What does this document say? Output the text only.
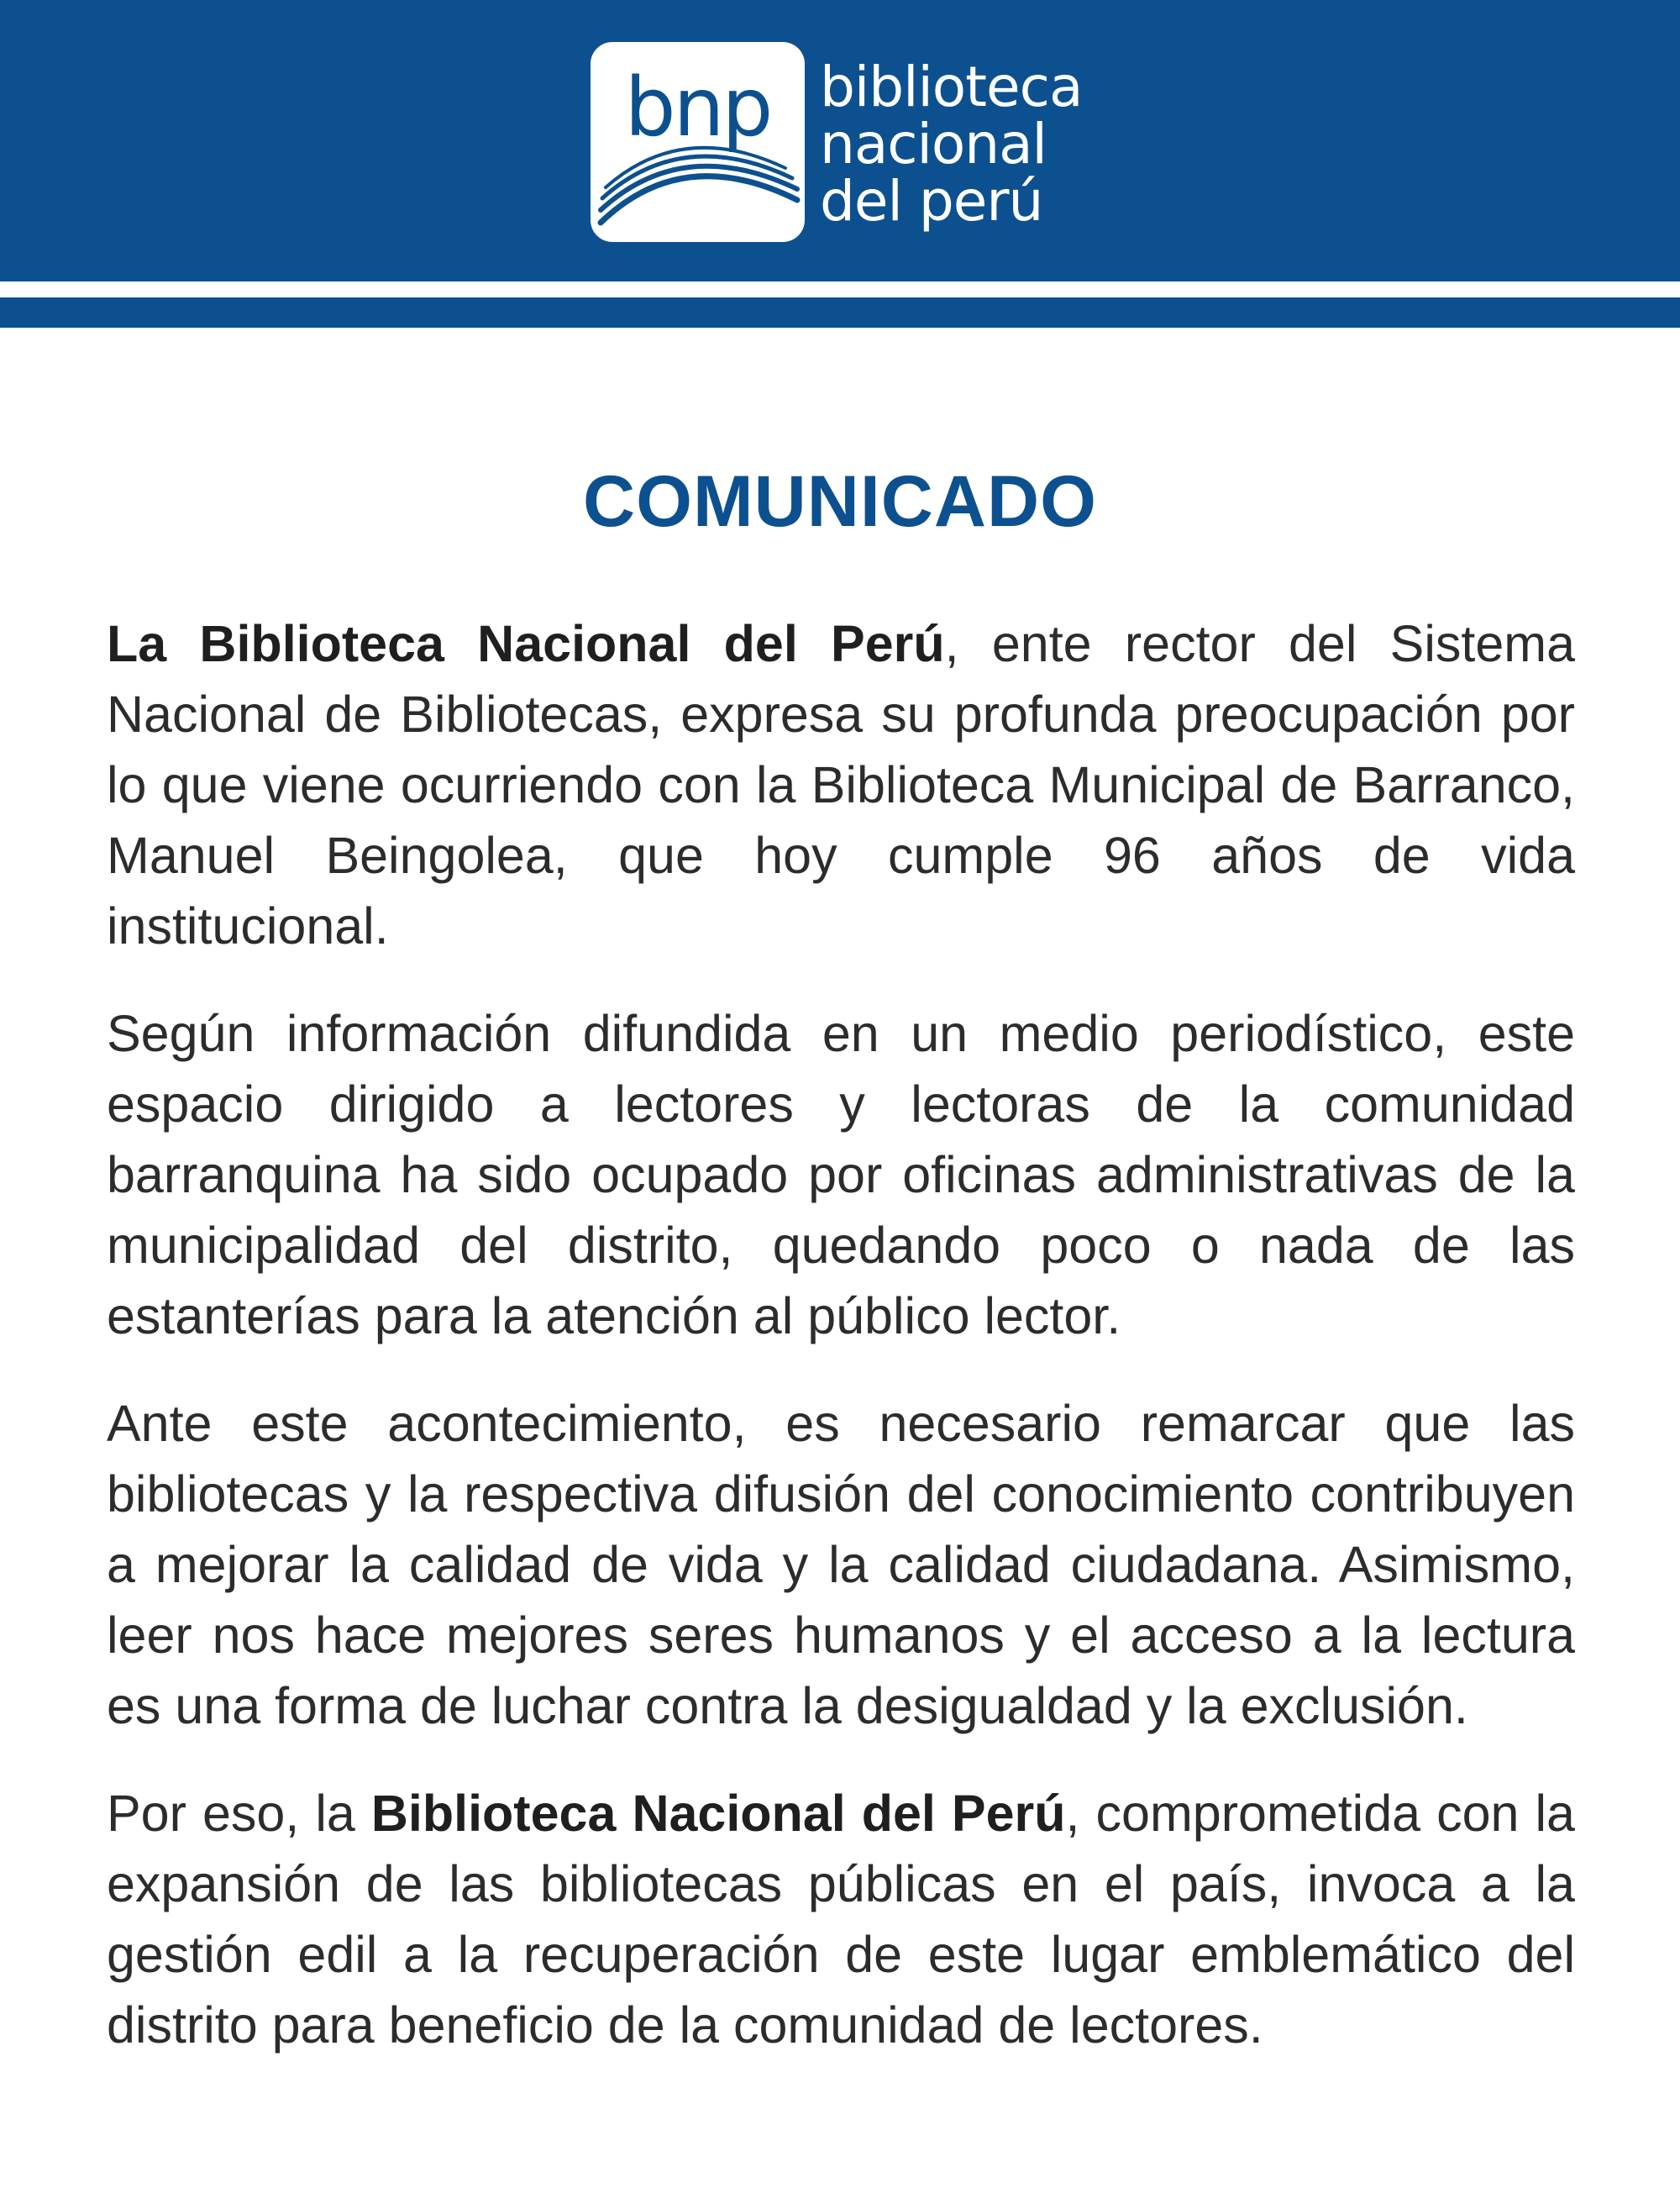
bnp biblioteca
nacional
del perú
COMUNICADO

La Biblioteca Nacional del Perú, ente rector del Sistema Nacional de Bibliotecas, expresa su profunda preocupación por lo que viene ocurriendo con la Biblioteca Municipal de Barranco, Manuel Beingolea, que hoy cumple 96 años de vida institucional.

Según información difundida en un medio periodístico, este espacio dirigido a lectores y lectoras de la comunidad barranquina ha sido ocupado por oficinas administrativas de la municipalidad del distrito, quedando poco o nada de las estanterías para la atención al público lector.

Ante este acontecimiento, es necesario remarcar que las bibliotecas y la respectiva difusión del conocimiento contribuyen a mejorar la calidad de vida y la calidad ciudadana. Asimismo, leer nos hace mejores seres humanos y el acceso a la lectura es una forma de luchar contra la desigualdad y la exclusión.

Por eso, la Biblioteca Nacional del Perú, comprometida con la expansión de las bibliotecas públicas en el país, invoca a la gestión edil a la recuperación de este lugar emblemático del distrito para beneficio de la comunidad de lectores.
